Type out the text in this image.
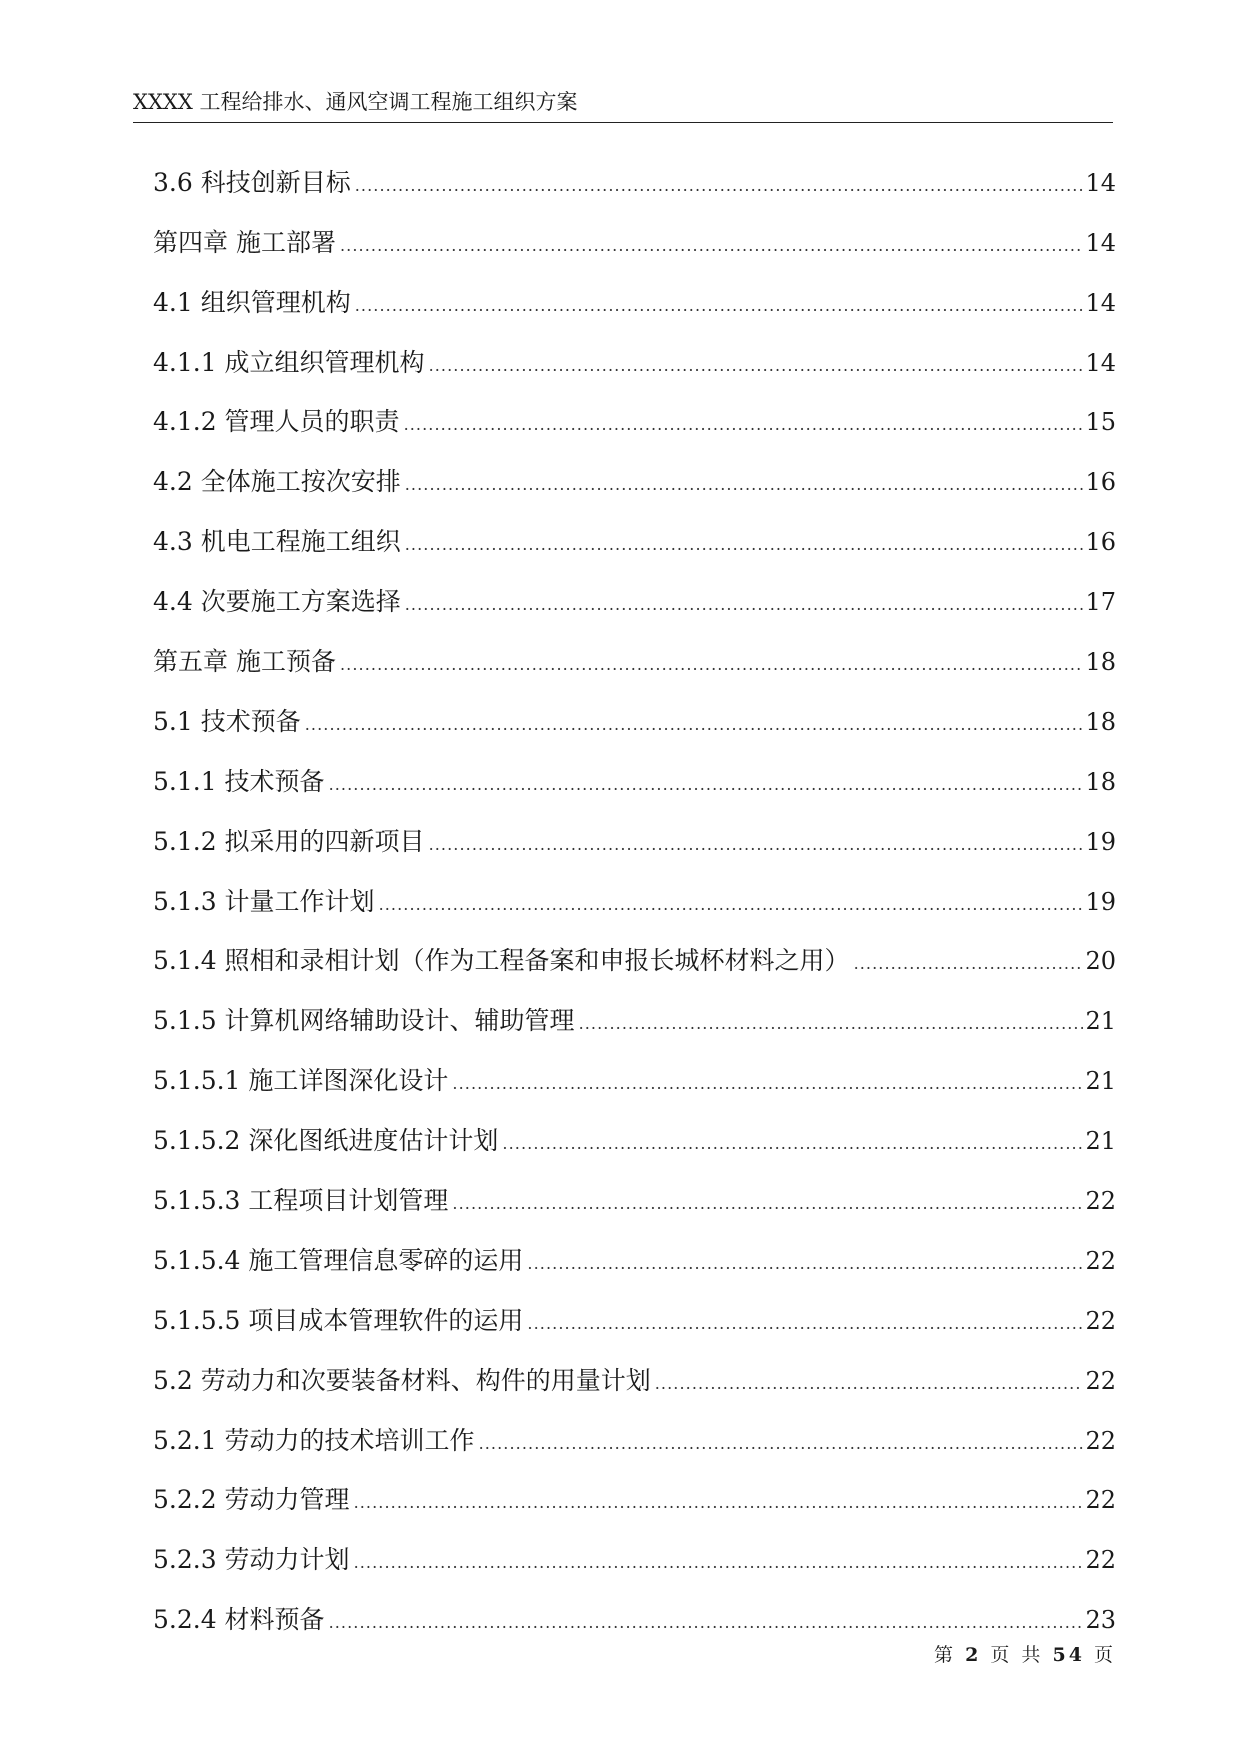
XXXX 工程给排水、通风空调工程施工组织方案
3.6 科技创新目标 .....	14
第四章 施工部署 .....	14
4.1 组织管理机构 .....	14
4.1.1 成立组织管理机构 .....	14
4.1.2 管理人员的职责 .....	15
4.2 全体施工按次安排 .....	16
4.3 机电工程施工组织 .....	16
4.4 次要施工方案选择 .....	17
第五章 施工预备 .....	18
5.1 技术预备 .....	18
5.1.1 技术预备 .....	18
5.1.2 拟采用的四新项目 .....	19
5.1.3 计量工作计划 .....	19
5.1.4 照相和录相计划（作为工程备案和申报长城杯材料之用） .....	20
5.1.5 计算机网络辅助设计、辅助管理 .....	21
5.1.5.1 施工详图深化设计 .....	21
5.1.5.2 深化图纸进度估计计划 .....	21
5.1.5.3 工程项目计划管理 .....	22
5.1.5.4 施工管理信息零碎的运用 .....	22
5.1.5.5 项目成本管理软件的运用 .....	22
5.2 劳动力和次要装备材料、构件的用量计划 .....	22
5.2.1 劳动力的技术培训工作 .....	22
5.2.2 劳动力管理 .....	22
5.2.3 劳动力计划 .....	22
5.2.4 材料预备 .....	23
第 2 页 共 54 页
